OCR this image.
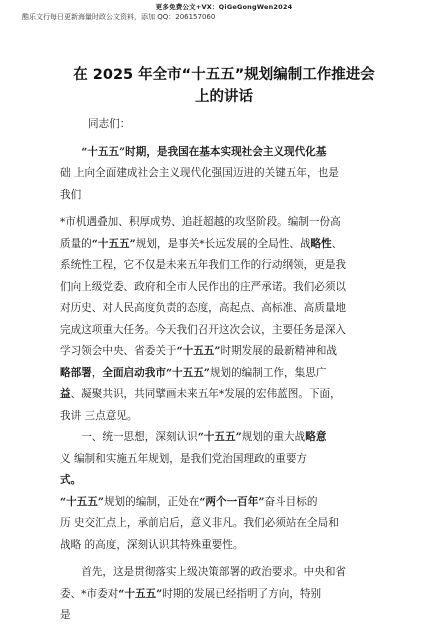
更多免费公文+VX：QiGeGongWen2024
酷乐文行每日更新海量时政公文资料，添加 QQ：206157060
在 2025 年全市“十五五”规划编制工作推进会
上的讲话
同志们：

“十五五”时期，是我国在基本实现社会主义现代化基

础 上向全面建成社会主义现代化强国迈进的关键五年，也是

我们

*市机遇叠加、积厚成势、追赶超越的攻坚阶段。编制一份高

质量的“十五五”规划，是事关*长远发展的全局性、战略性、

系统性工程，它不仅是未来五年我们工作的行动纲领，更是我

们向上级党委、政府和全市人民作出的庄严承诺。我们必须以

对历史、对人民高度负责的态度，高起点、高标准、高质量地

完成这项重大任务。今天我们召开这次会议，主要任务是深入

学习领会中央、省委关于“十五五”时期发展的最新精神和战

略部署，全面启动我市“十五五”规划的编制工作，集思广

益、凝聚共识，共同擘画未来五年*发展的宏伟蓝图。下面，

我讲 三点意见。

一、统一思想，深刻认识“十五五”规划的重大战略意

义 编制和实施五年规划，是我们党治国理政的重要方

式。

“十五五”规划的编制，正处在“两个一百年”奋斗目标的

历 史交汇点上，承前启后，意义非凡。我们必须站在全局和

战略 的高度，深刻认识其特殊重要性。

首先，这是贯彻落实上级决策部署的政治要求。中央和省

委、*市委对“十五五”时期的发展已经指明了方向，特别

是
